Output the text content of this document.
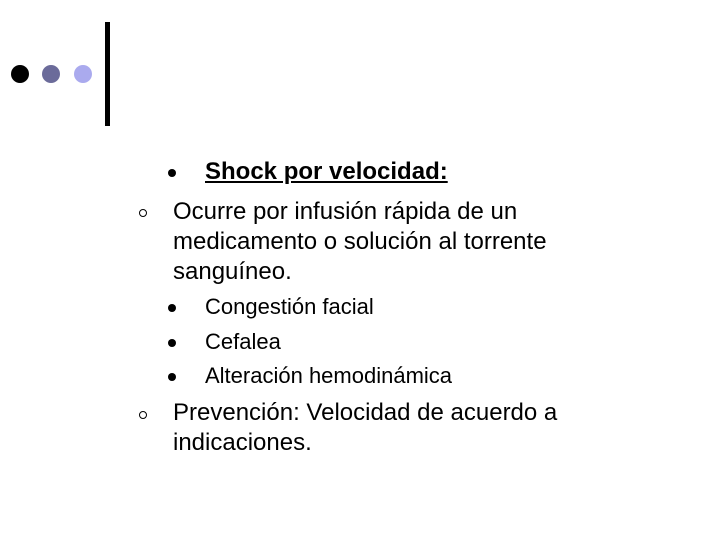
Shock por velocidad:
Ocurre por infusión rápida de un
medicamento o solución al torrente
sanguíneo.
Congestión facial
Cefalea
Alteración hemodinámica
Prevención: Velocidad de acuerdo a
indicaciones.
